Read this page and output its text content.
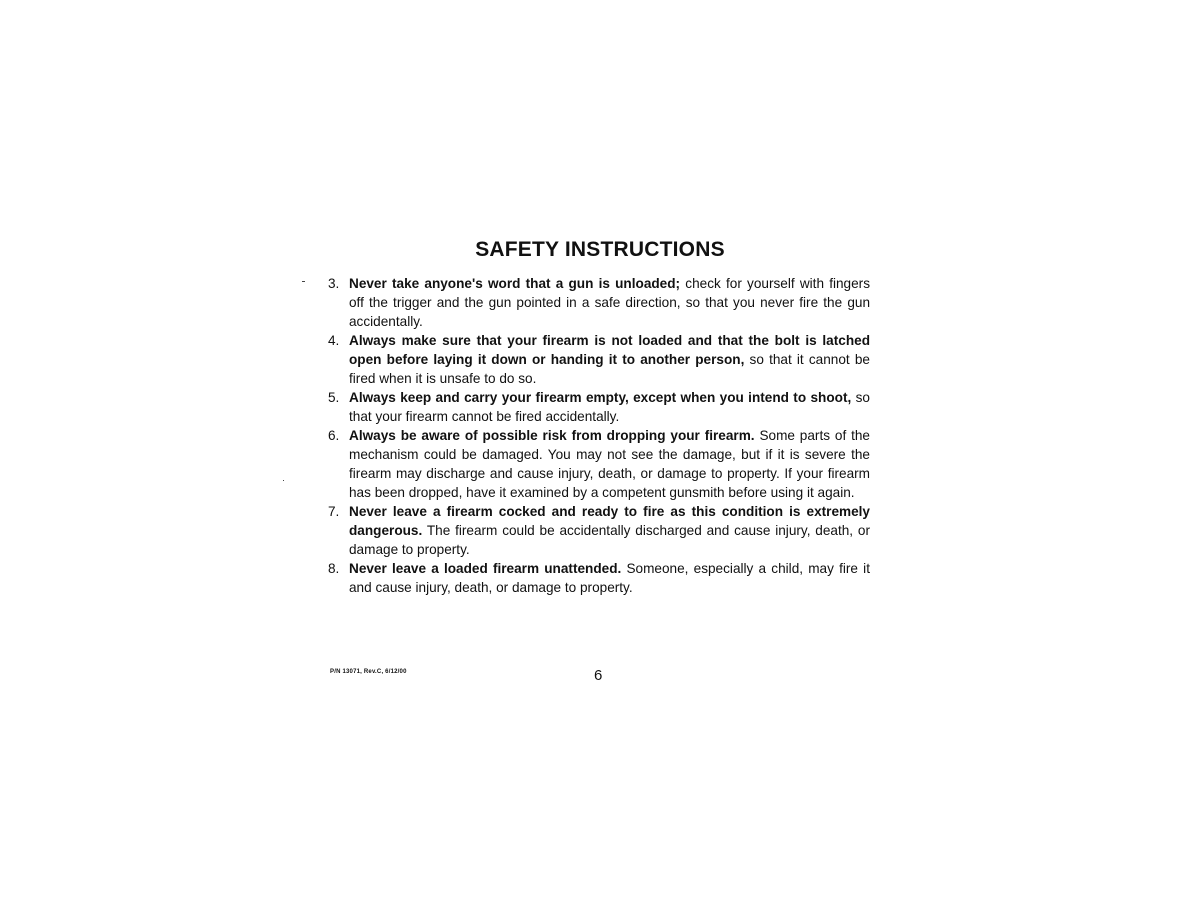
SAFETY INSTRUCTIONS
3. Never take anyone's word that a gun is unloaded; check for yourself with fingers off the trigger and the gun pointed in a safe direction, so that you never fire the gun accidentally.
4. Always make sure that your firearm is not loaded and that the bolt is latched open before laying it down or handing it to another person, so that it cannot be fired when it is unsafe to do so.
5. Always keep and carry your firearm empty, except when you intend to shoot, so that your firearm cannot be fired accidentally.
6. Always be aware of possible risk from dropping your firearm. Some parts of the mechanism could be damaged. You may not see the damage, but if it is severe the firearm may discharge and cause injury, death, or damage to property. If your firearm has been dropped, have it examined by a competent gunsmith before using it again.
7. Never leave a firearm cocked and ready to fire as this condition is extremely dangerous. The firearm could be accidentally discharged and cause injury, death, or damage to property.
8. Never leave a loaded firearm unattended. Someone, especially a child, may fire it and cause injury, death, or damage to property.
P/N 13071, Rev.C, 6/12/00	6
